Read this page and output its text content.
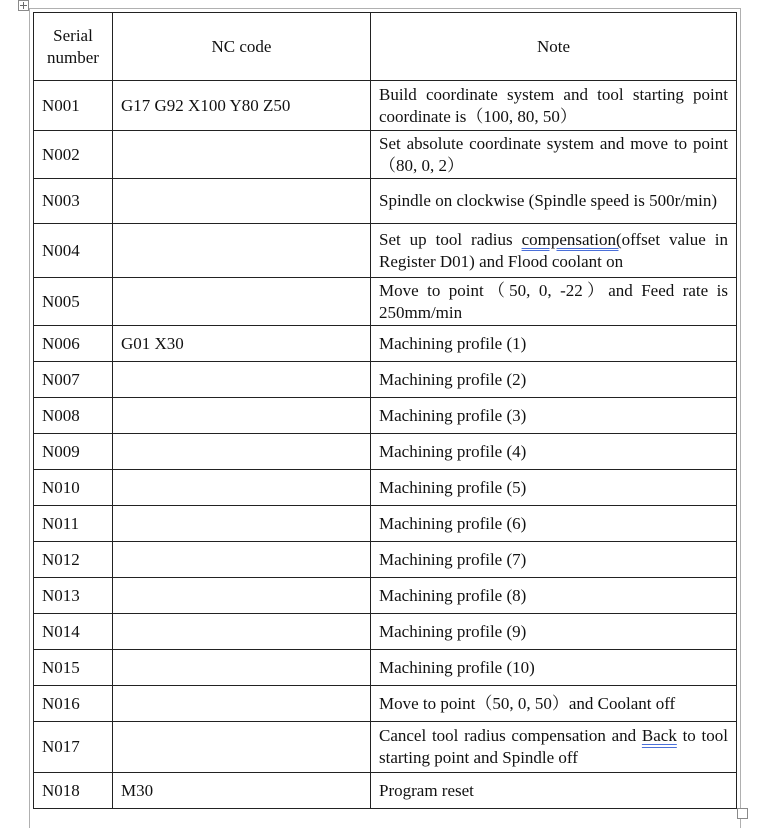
Serial number	NC code	Note
N001	G17 G92 X100 Y80 Z50	Build coordinate system and tool starting point coordinate is（100, 80, 50）
N002		Set absolute coordinate system and move to point（80, 0, 2）
N003		Spindle on clockwise (Spindle speed is 500r/min)
N004		Set up tool radius compensation(offset value in Register D01) and Flood coolant on
N005		Move to point（50, 0, -22）and Feed rate is 250mm/min
N006	G01 X30	Machining profile (1)
N007		Machining profile (2)
N008		Machining profile (3)
N009		Machining profile (4)
N010		Machining profile (5)
N011		Machining profile (6)
N012		Machining profile (7)
N013		Machining profile (8)
N014		Machining profile (9)
N015		Machining profile (10)
N016		Move to point（50, 0, 50）and Coolant off
N017		Cancel tool radius compensation and Back to tool starting point and Spindle off
N018	M30	Program reset
